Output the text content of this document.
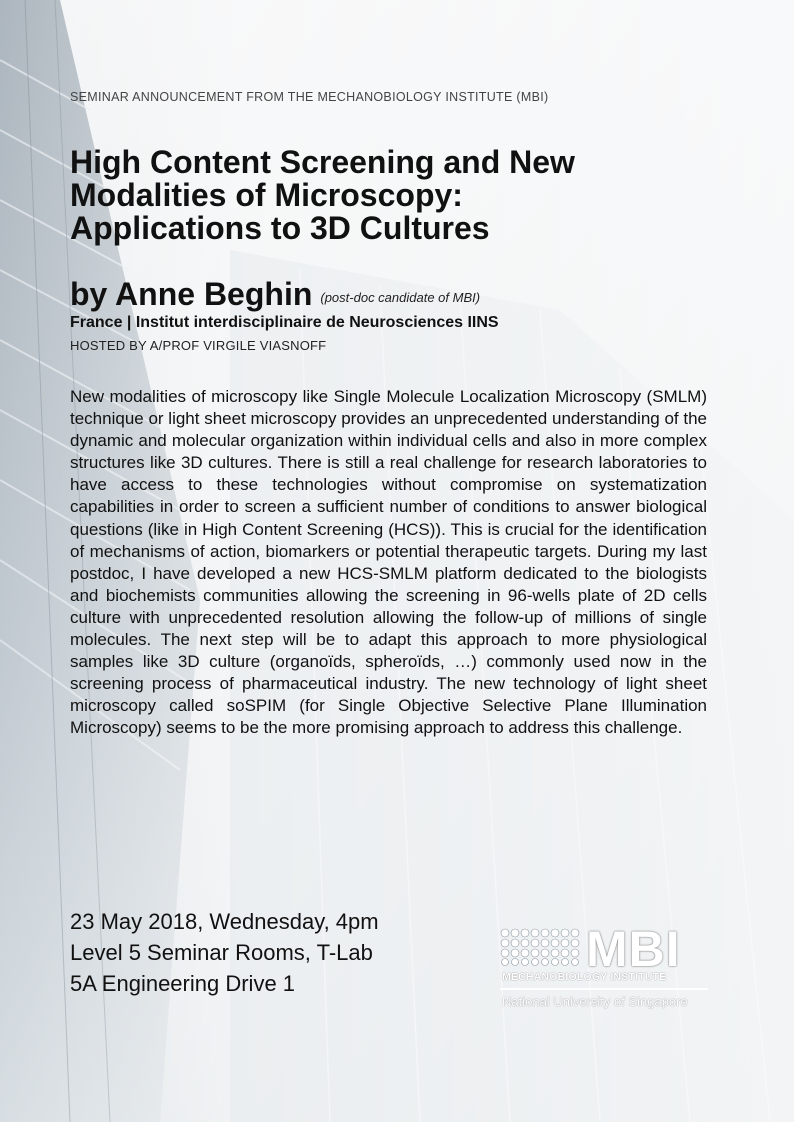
SEMINAR ANNOUNCEMENT FROM THE MECHANOBIOLOGY INSTITUTE (MBI)
High Content Screening and New
Modalities of Microscopy:
Applications to 3D Cultures
by Anne Beghin (post-doc candidate of MBI)
France | Institut interdisciplinaire de Neurosciences IINS
HOSTED BY A/PROF VIRGILE VIASNOFF

New modalities of microscopy like Single Molecule Localization Microscopy (SMLM) technique or light sheet microscopy provides an unprecedented understanding of the dynamic and molecular organization within individual cells and also in more complex structures like 3D cultures. There is still a real challenge for research laboratories to have access to these technologies without compromise on systematization capabilities in order to screen a sufficient number of conditions to answer biological questions (like in High Content Screening (HCS)). This is crucial for the identification of mechanisms of action, biomarkers or potential therapeutic targets. During my last postdoc, I have developed a new HCS-SMLM platform dedicated to the biologists and biochemists communities allowing the screening in 96-wells plate of 2D cells culture with unprecedented resolution allowing the follow-up of millions of single molecules. The next step will be to adapt this approach to more physiological samples like 3D culture (organoïds, spheroïds, …) commonly used now in the screening process of pharmaceutical industry. The new technology of light sheet microscopy called soSPIM (for Single Objective Selective Plane Illumination Microscopy) seems to be the more promising approach to address this challenge.

23 May 2018, Wednesday, 4pm
Level 5 Seminar Rooms, T-Lab
5A Engineering Drive 1
MBI
MECHANOBIOLOGY INSTITUTE
National University of Singapore
